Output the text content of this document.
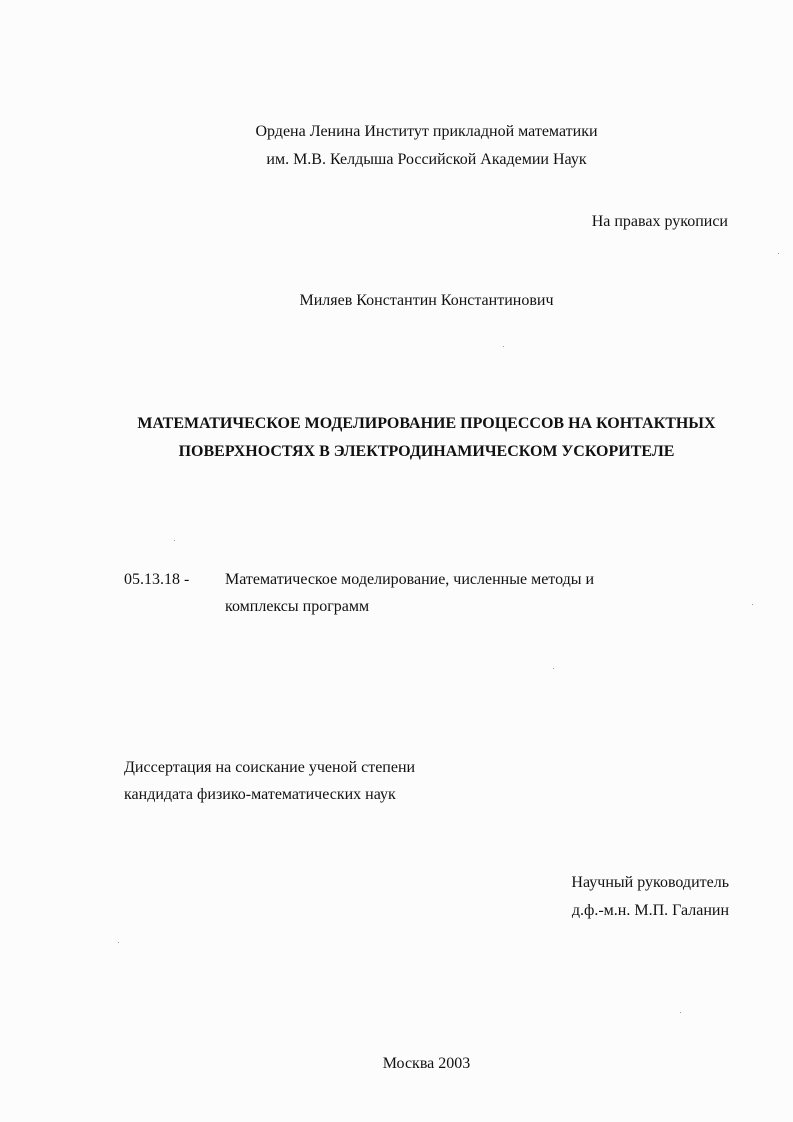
Ордена Ленина Институт прикладной математики
им. М.В. Келдыша Российской Академии Наук
На правах рукописи
Миляев Константин Константинович
МАТЕМАТИЧЕСКОЕ МОДЕЛИРОВАНИЕ ПРОЦЕССОВ НА КОНТАКТНЫХ
ПОВЕРХНОСТЯХ В ЭЛЕКТРОДИНАМИЧЕСКОМ УСКОРИТЕЛЕ
05.13.18 - Математическое моделирование, численные методы и
комплексы программ
Диссертация на соискание ученой степени
кандидата физико-математических наук
Научный руководитель
д.ф.-м.н. М.П. Галанин
Москва 2003
